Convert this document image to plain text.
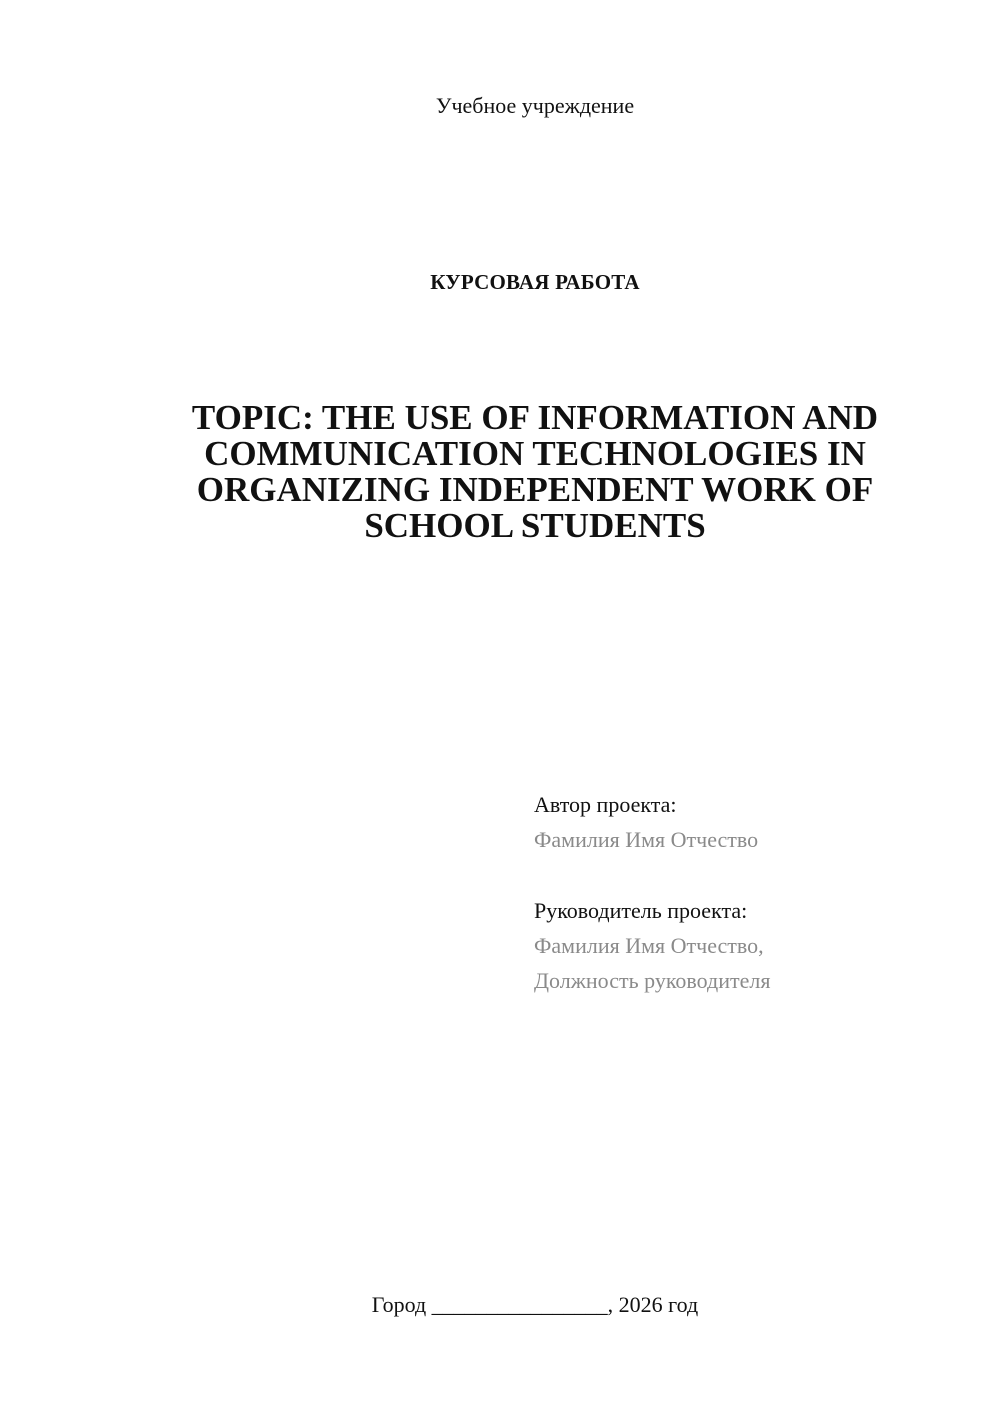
Учебное учреждение
КУРСОВАЯ РАБОТА
TOPIC: THE USE OF INFORMATION AND
COMMUNICATION TECHNOLOGIES IN
ORGANIZING INDEPENDENT WORK OF
SCHOOL STUDENTS
Автор проекта:
Фамилия Имя Отчество
Руководитель проекта:
Фамилия Имя Отчество,
Должность руководителя
Город ________________, 2026 год
